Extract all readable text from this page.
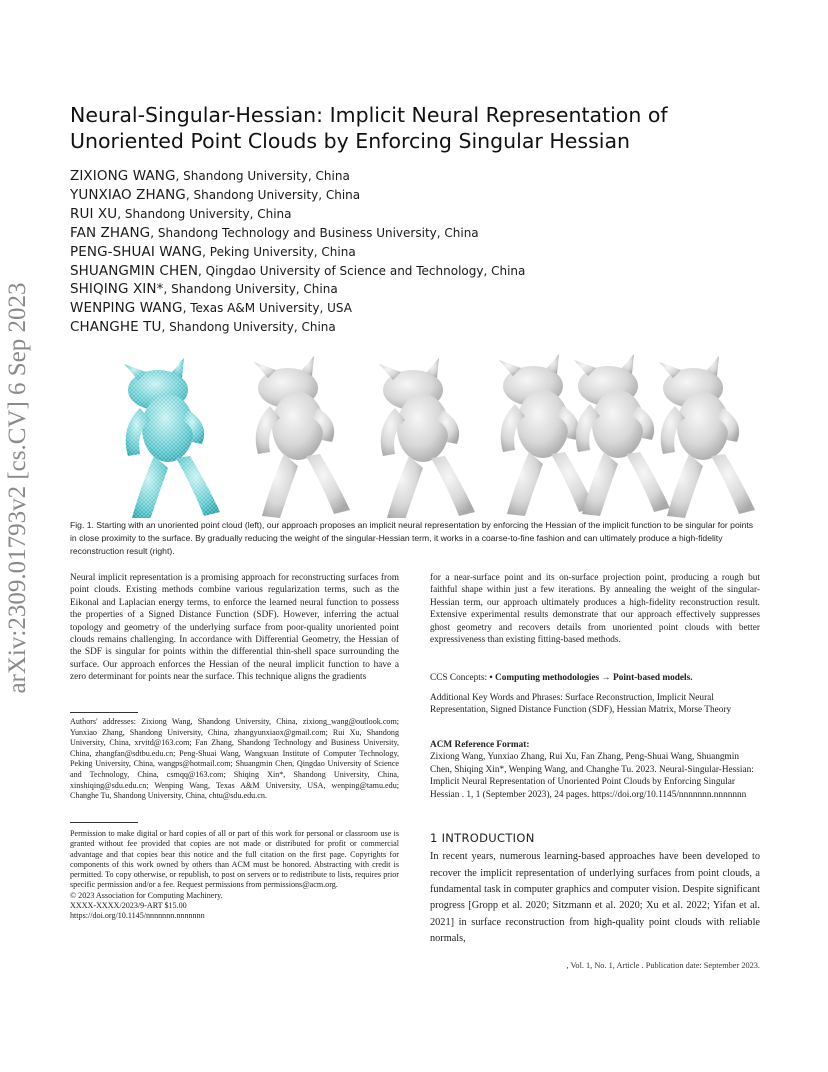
arXiv:2309.01793v2 [cs.CV] 6 Sep 2023
Neural-Singular-Hessian: Implicit Neural Representation of Unoriented Point Clouds by Enforcing Singular Hessian
ZIXIONG WANG, Shandong University, China
YUNXIAO ZHANG, Shandong University, China
RUI XU, Shandong University, China
FAN ZHANG, Shandong Technology and Business University, China
PENG-SHUAI WANG, Peking University, China
SHUANGMIN CHEN, Qingdao University of Science and Technology, China
SHIQING XIN*, Shandong University, China
WENPING WANG, Texas A&M University, USA
CHANGHE TU, Shandong University, China
Fig. 1. Starting with an unoriented point cloud (left), our approach proposes an implicit neural representation by enforcing the Hessian of the implicit function to be singular for points in close proximity to the surface. By gradually reducing the weight of the singular-Hessian term, it works in a coarse-to-fine fashion and can ultimately produce a high-fidelity reconstruction result (right).
Neural implicit representation is a promising approach for reconstructing surfaces from point clouds. Existing methods combine various regularization terms, such as the Eikonal and Laplacian energy terms, to enforce the learned neural function to possess the properties of a Signed Distance Function (SDF). However, inferring the actual topology and geometry of the underlying surface from poor-quality unoriented point clouds remains challenging. In accordance with Differential Geometry, the Hessian of the SDF is singular for points within the differential thin-shell space surrounding the surface. Our approach enforces the Hessian of the neural implicit function to have a zero determinant for points near the surface. This technique aligns the gradients
Authors' addresses: Zixiong Wang, Shandong University, China, zixiong_wang@outlook.com; Yunxiao Zhang, Shandong University, China, zhangyunxiaox@gmail.com; Rui Xu, Shandong University, China, xrvitd@163.com; Fan Zhang, Shandong Technology and Business University, China, zhangfan@sdtbu.edu.cn; Peng-Shuai Wang, Wangxuan Institute of Computer Technology, Peking University, China, wangps@hotmail.com; Shuangmin Chen, Qingdao University of Science and Technology, China, csmqq@163.com; Shiqing Xin*, Shandong University, China, xinshiqing@sdu.edu.cn; Wenping Wang, Texas A&M University, USA, wenping@tamu.edu; Changhe Tu, Shandong University, China, chtu@sdu.edu.cn.

Permission to make digital or hard copies of all or part of this work for personal or classroom use is granted without fee provided that copies are not made or distributed for profit or commercial advantage and that copies bear this notice and the full citation on the first page. Copyrights for components of this work owned by others than ACM must be honored. Abstracting with credit is permitted. To copy otherwise, or republish, to post on servers or to redistribute to lists, requires prior specific permission and/or a fee. Request permissions from permissions@acm.org.

© 2023 Association for Computing Machinery.

XXXX-XXXX/2023/9-ART $15.00

https://doi.org/10.1145/nnnnnnn.nnnnnnn

for a near-surface point and its on-surface projection point, producing a rough but faithful shape within just a few iterations. By annealing the weight of the singular-Hessian term, our approach ultimately produces a high-fidelity reconstruction result. Extensive experimental results demonstrate that our approach effectively suppresses ghost geometry and recovers details from unoriented point clouds with better expressiveness than existing fitting-based methods.
CCS Concepts: • Computing methodologies → Point-based models.
Additional Key Words and Phrases: Surface Reconstruction, Implicit Neural Representation, Signed Distance Function (SDF), Hessian Matrix, Morse Theory

ACM Reference Format:

Zixiong Wang, Yunxiao Zhang, Rui Xu, Fan Zhang, Peng-Shuai Wang, Shuangmin Chen, Shiqing Xin*, Wenping Wang, and Changhe Tu. 2023. Neural-Singular-Hessian: Implicit Neural Representation of Unoriented Point Clouds by Enforcing Singular Hessian . 1, 1 (September 2023), 24 pages. https://doi.org/10.1145/nnnnnnn.nnnnnnn

1 INTRODUCTION

In recent years, numerous learning-based approaches have been developed to recover the implicit representation of underlying surfaces from point clouds, a fundamental task in computer graphics and computer vision. Despite significant progress [Gropp et al. 2020; Sitzmann et al. 2020; Xu et al. 2022; Yifan et al. 2021] in surface reconstruction from high-quality point clouds with reliable normals,

, Vol. 1, No. 1, Article . Publication date: September 2023.
